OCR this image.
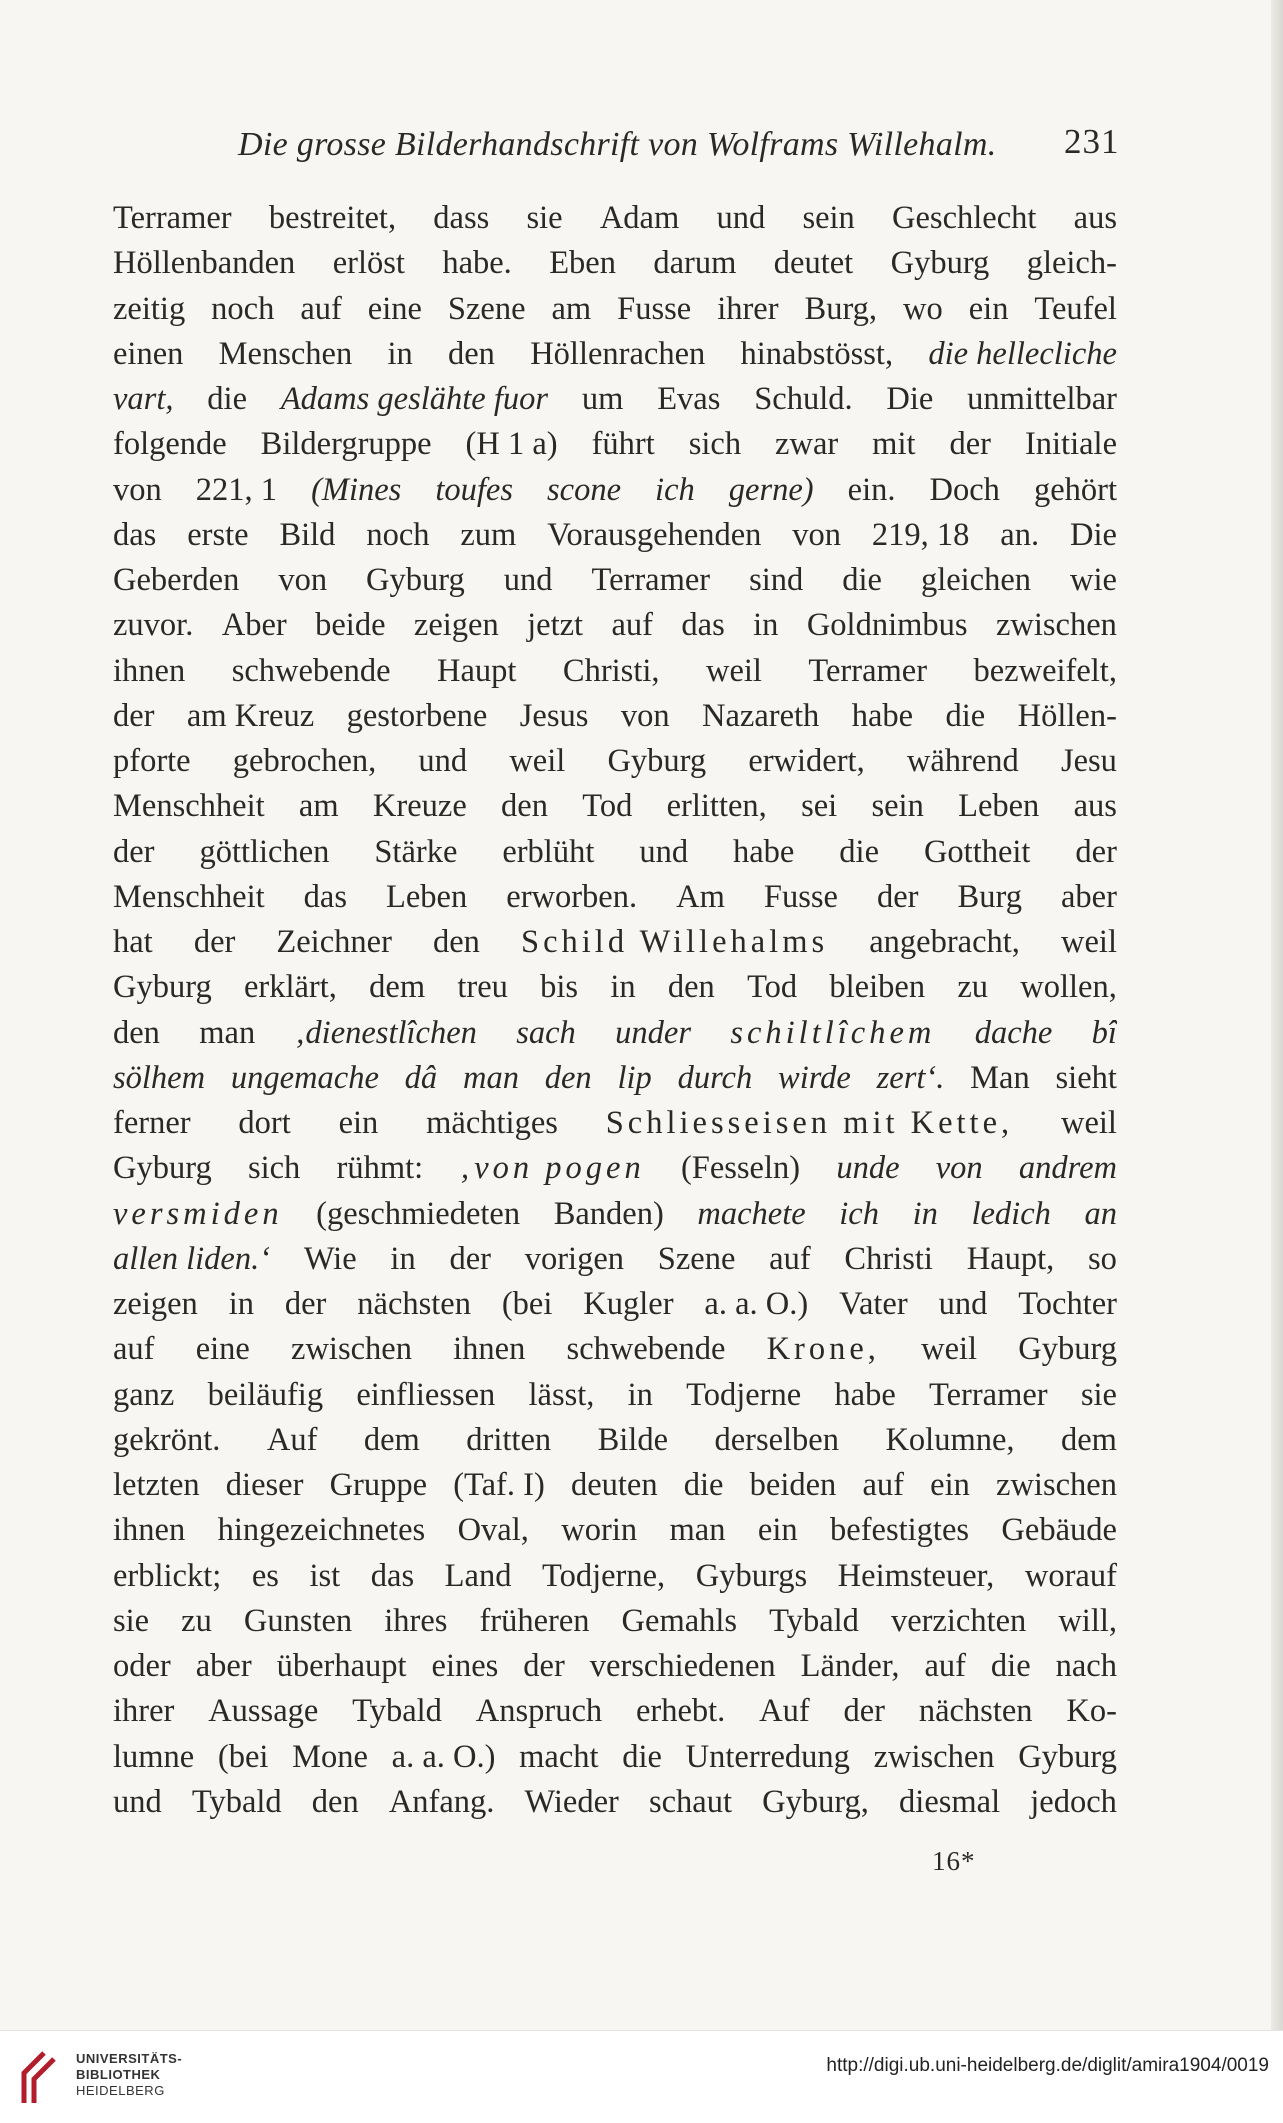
Die grosse Bilderhandschrift von Wolframs Willehalm. 231
Terramer bestreitet, dass sie Adam und sein Geschlecht aus
Höllenbanden erlöst habe. Eben darum deutet Gyburg gleich-
zeitig noch auf eine Szene am Fusse ihrer Burg, wo ein Teufel
einen Menschen in den Höllenrachen hinabstösst, die hellecliche
vart, die Adams geslähte fuor um Evas Schuld. Die unmittelbar
folgende Bildergruppe (H 1 a) führt sich zwar mit der Initiale
von 221, 1 (Mines toufes scone ich gerne) ein. Doch gehört
das erste Bild noch zum Vorausgehenden von 219, 18 an. Die
Geberden von Gyburg und Terramer sind die gleichen wie
zuvor. Aber beide zeigen jetzt auf das in Goldnimbus zwischen
ihnen schwebende Haupt Christi, weil Terramer bezweifelt,
der am Kreuz gestorbene Jesus von Nazareth habe die Höllen-
pforte gebrochen, und weil Gyburg erwidert, während Jesu
Menschheit am Kreuze den Tod erlitten, sei sein Leben aus
der göttlichen Stärke erblüht und habe die Gottheit der
Menschheit das Leben erworben. Am Fusse der Burg aber
hat der Zeichner den Schild Willehalms angebracht, weil
Gyburg erklärt, dem treu bis in den Tod bleiben zu wollen,
den man ‚dienestlîchen sach under schiltlîchem dache bî
sölhem ungemache dâ man den lip durch wirde zert‘. Man sieht
ferner dort ein mächtiges Schliesseisen mit Kette, weil
Gyburg sich rühmt: ‚von pogen (Fesseln) unde von andrem
versmiden (geschmiedeten Banden) machete ich in ledich an
allen liden.‘ Wie in der vorigen Szene auf Christi Haupt, so
zeigen in der nächsten (bei Kugler a. a. O.) Vater und Tochter
auf eine zwischen ihnen schwebende Krone, weil Gyburg
ganz beiläufig einfliessen lässt, in Todjerne habe Terramer sie
gekrönt. Auf dem dritten Bilde derselben Kolumne, dem
letzten dieser Gruppe (Taf. I) deuten die beiden auf ein zwischen
ihnen hingezeichnetes Oval, worin man ein befestigtes Gebäude
erblickt; es ist das Land Todjerne, Gyburgs Heimsteuer, worauf
sie zu Gunsten ihres früheren Gemahls Tybald verzichten will,
oder aber überhaupt eines der verschiedenen Länder, auf die nach
ihrer Aussage Tybald Anspruch erhebt. Auf der nächsten Ko-
lumne (bei Mone a. a. O.) macht die Unterredung zwischen Gyburg
und Tybald den Anfang. Wieder schaut Gyburg, diesmal jedoch
16*
UNIVERSITÄTS-
BIBLIOTHEK
HEIDELBERG
http://digi.ub.uni-heidelberg.de/diglit/amira1904/0019
